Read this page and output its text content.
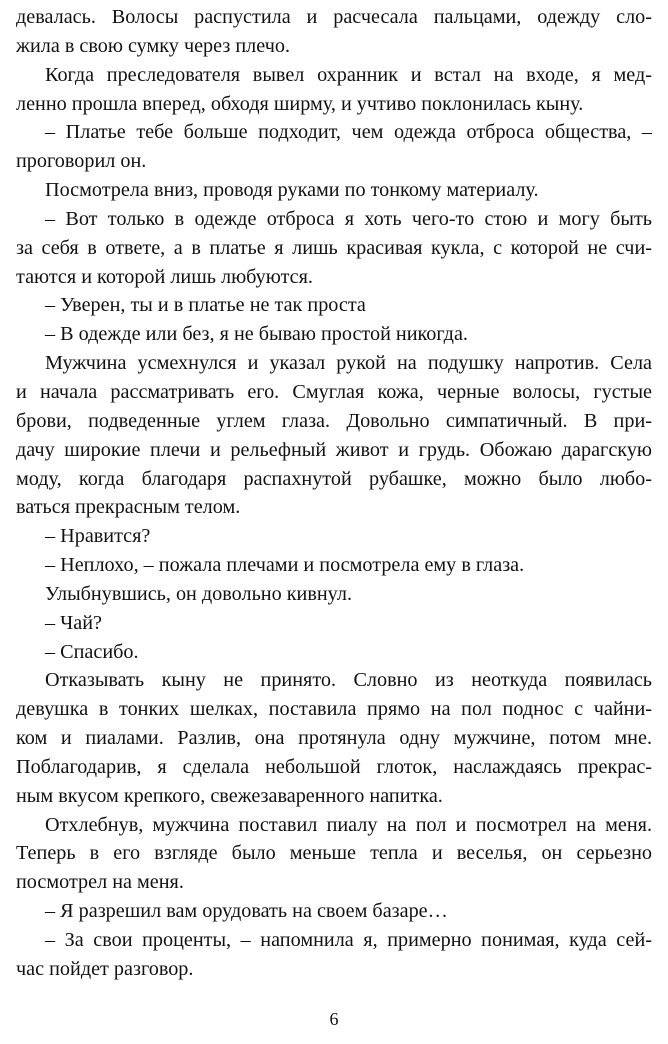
девалась. Волосы распустила и расчесала пальцами, одежду сло-
жила в свою сумку через плечо.
Когда преследователя вывел охранник и встал на входе, я мед-
ленно прошла вперед, обходя ширму, и учтиво поклонилась кыну.
– Платье тебе больше подходит, чем одежда отброса общества, –
проговорил он.
Посмотрела вниз, проводя руками по тонкому материалу.
– Вот только в одежде отброса я хоть чего-то стою и могу быть
за себя в ответе, а в платье я лишь красивая кукла, с которой не счи-
таются и которой лишь любуются.
– Уверен, ты и в платье не так проста
– В одежде или без, я не бываю простой никогда.
Мужчина усмехнулся и указал рукой на подушку напротив. Села
и начала рассматривать его. Смуглая кожа, черные волосы, густые
брови, подведенные углем глаза. Довольно симпатичный. В при-
дачу широкие плечи и рельефный живот и грудь. Обожаю дарагскую
моду, когда благодаря распахнутой рубашке, можно было любо-
ваться прекрасным телом.
– Нравится?
– Неплохо, – пожала плечами и посмотрела ему в глаза.
Улыбнувшись, он довольно кивнул.
– Чай?
– Спасибо.
Отказывать кыну не принято. Словно из неоткуда появилась
девушка в тонких шелках, поставила прямо на пол поднос с чайни-
ком и пиалами. Разлив, она протянула одну мужчине, потом мне.
Поблагодарив, я сделала небольшой глоток, наслаждаясь прекрас-
ным вкусом крепкого, свежезаваренного напитка.
Отхлебнув, мужчина поставил пиалу на пол и посмотрел на меня.
Теперь в его взгляде было меньше тепла и веселья, он серьезно
посмотрел на меня.
– Я разрешил вам орудовать на своем базаре…
– За свои проценты, – напомнила я, примерно понимая, куда сей-
час пойдет разговор.
6
